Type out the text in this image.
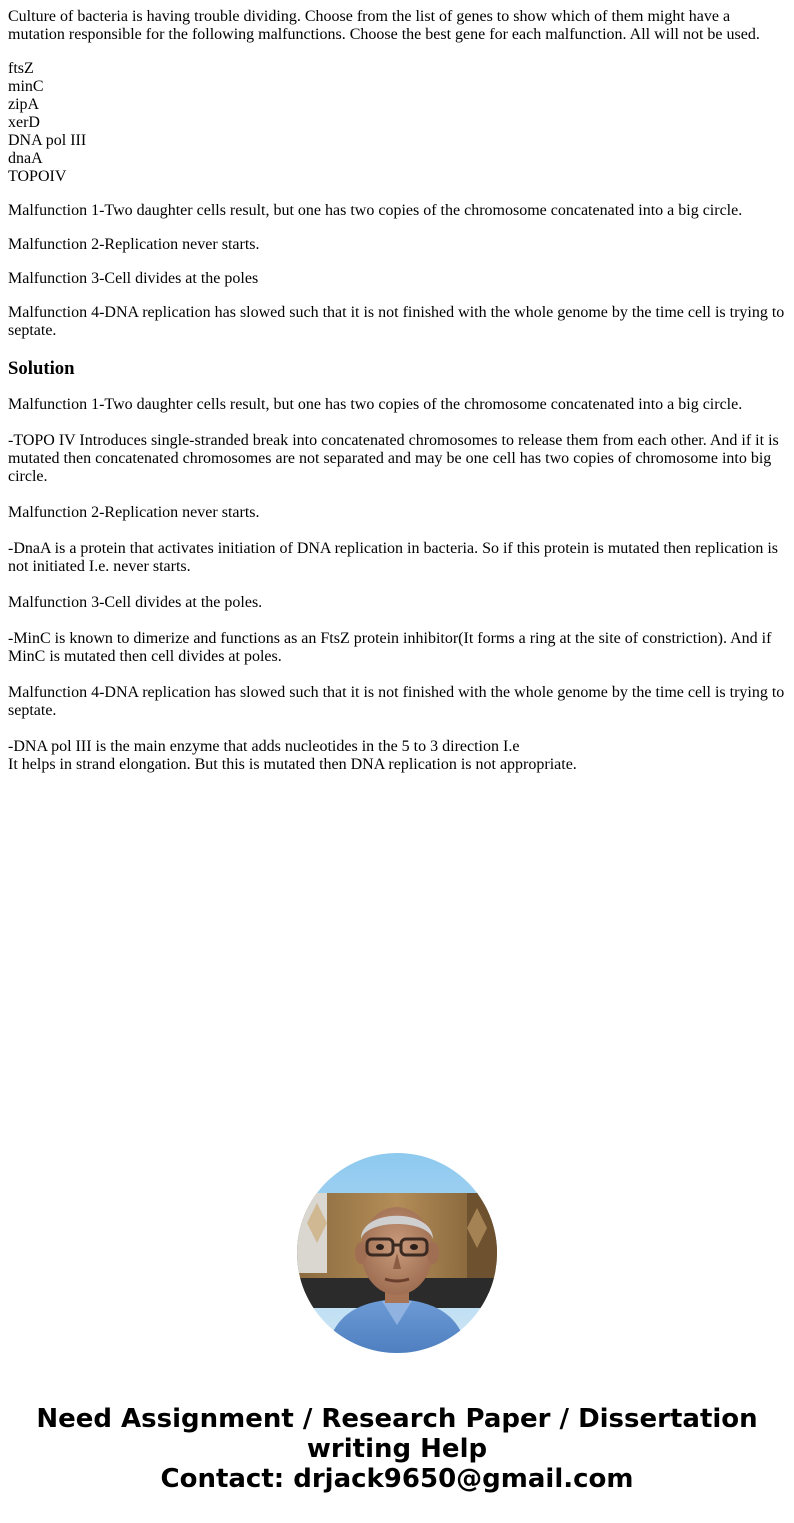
Culture of bacteria is having trouble dividing. Choose from the list of genes to show which of them might have a mutation responsible for the following malfunctions. Choose the best gene for each malfunction. All will not be used.

ftsZ
minC
zipA
xerD
DNA pol III
dnaA
TOPOIV

Malfunction 1-Two daughter cells result, but one has two copies of the chromosome concatenated into a big circle.

Malfunction 2-Replication never starts.

Malfunction 3-Cell divides at the poles

Malfunction 4-DNA replication has slowed such that it is not finished with the whole genome by the time cell is trying to septate.

Solution
Malfunction 1-Two daughter cells result, but one has two copies of the chromosome concatenated into a big circle.
-TOPO IV Introduces single-stranded break into concatenated chromosomes to release them from each other. And if it is mutated then concatenated chromosomes are not separated and may be one cell has two copies of chromosome into big circle.
Malfunction 2-Replication never starts.
-DnaA is a protein that activates initiation of DNA replication in bacteria. So if this protein is mutated then replication is not initiated I.e. never starts.
Malfunction 3-Cell divides at the poles.
-MinC is known to dimerize and functions as an FtsZ protein inhibitor(It forms a ring at the site of constriction). And if MinC is mutated then cell divides at poles.
Malfunction 4-DNA replication has slowed such that it is not finished with the whole genome by the time cell is trying to septate.
-DNA pol III is the main enzyme that adds nucleotides in the 5 to 3 direction I.e
It helps in strand elongation. But this is mutated then DNA replication is not appropriate.
Need Assignment / Research Paper / Dissertation
writing Help
Contact: drjack9650@gmail.com
